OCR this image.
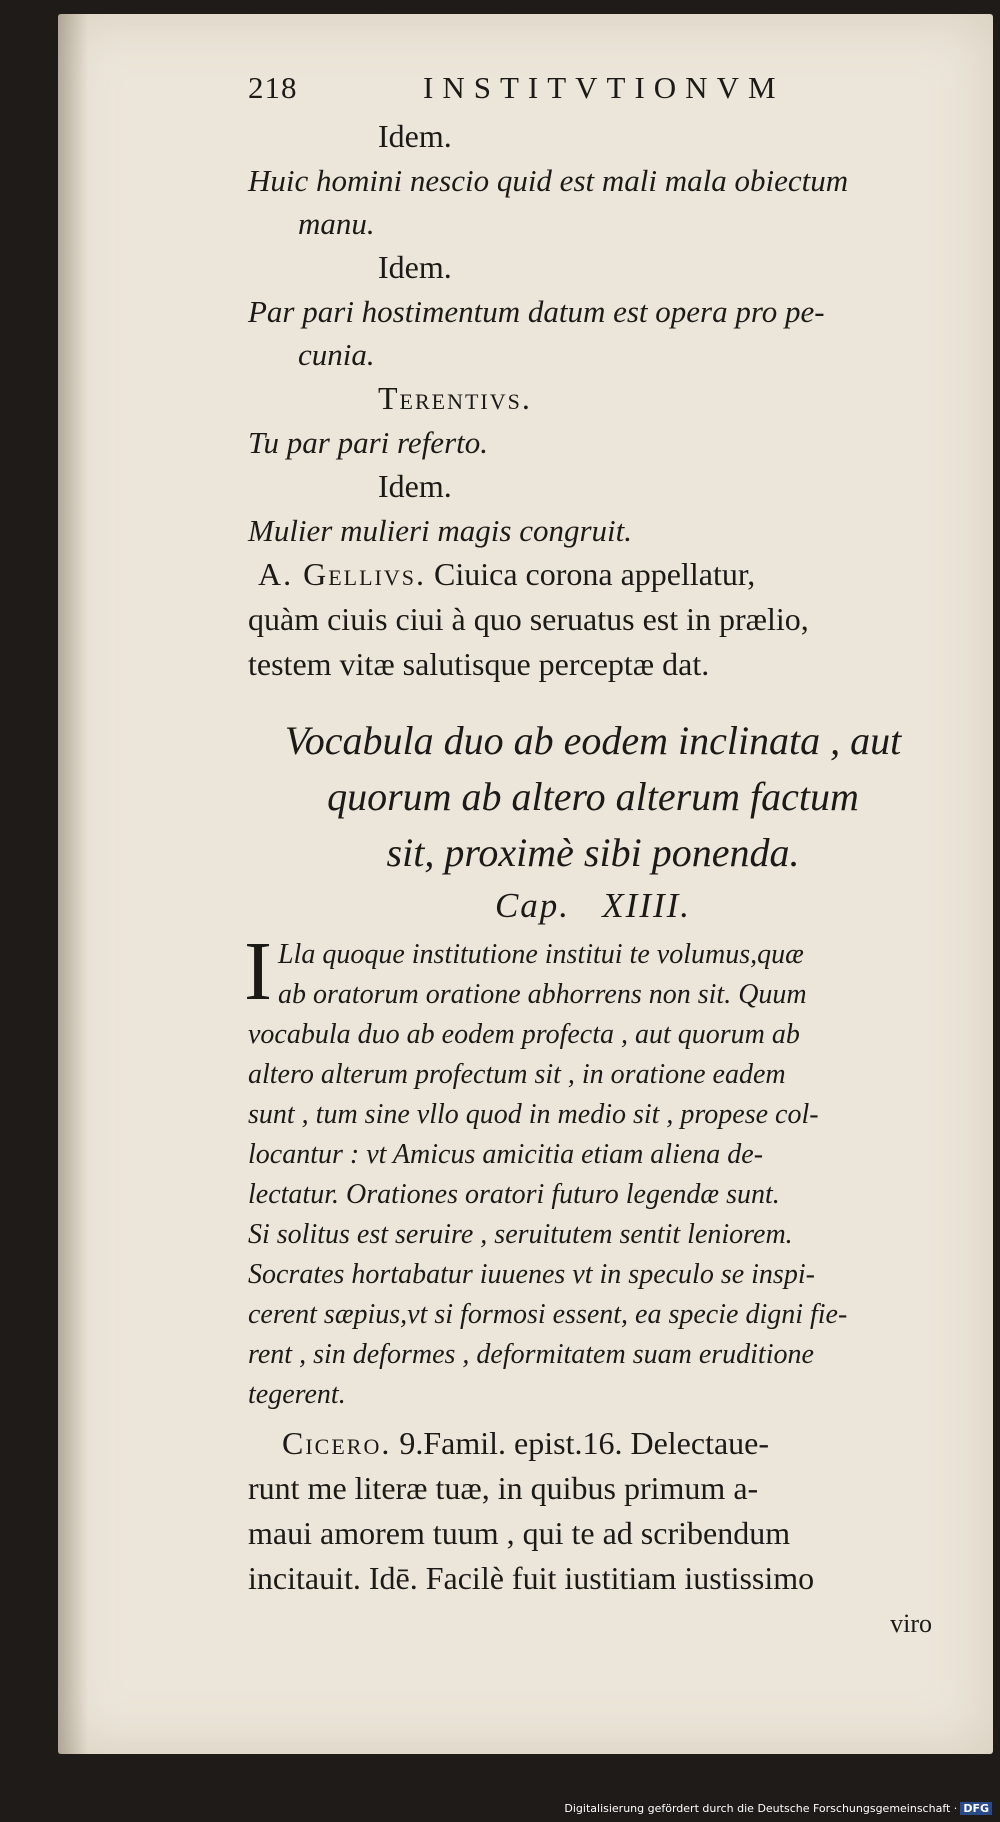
218	INSTITVTIONVM
Idem.
Huic homini nescio quid est mali mala obiectum
manu.
Idem.
Par pari hostimentum datum est opera pro pe-
cunia.
Terentivs.
Tu par pari referto.
Idem.
Mulier mulieri magis congruit.
A. Gellivs. Ciuica corona appellatur,
quàm ciuis ciui à quo seruatus est in prælio,
testem vitæ salutisque perceptæ dat.
Vocabula duo ab eodem inclinata , aut
quorum ab altero alterum factum
sit, proximè sibi ponenda.
Cap.   XIIII.
I Lla quoque institutione institui te volumus,quæ
ab oratorum oratione abhorrens non sit. Quum
vocabula duo ab eodem profecta , aut quorum ab
altero alterum profectum sit , in oratione eadem
sunt , tum sine vllo quod in medio sit , propese col-
locantur : vt Amicus amicitia etiam aliena de-
lectatur. Orationes oratori futuro legendæ sunt.
Si solitus est seruire , seruitutem sentit leniorem.
Socrates hortabatur iuuenes vt in speculo se inspi-
cerent sæpius,vt si formosi essent, ea specie digni fie-
rent , sin deformes , deformitatem suam eruditione
tegerent.
Cicero. 9.Famil. epist.16. Delectaue-
runt me literæ tuæ, in quibus primum a-
maui amorem tuum , qui te ad scribendum
incitauit. Idē. Facilè fuit iustitiam iustissimo
viro
Digitalisierung gefördert durch die Deutsche Forschungsgemeinschaft · DFG
